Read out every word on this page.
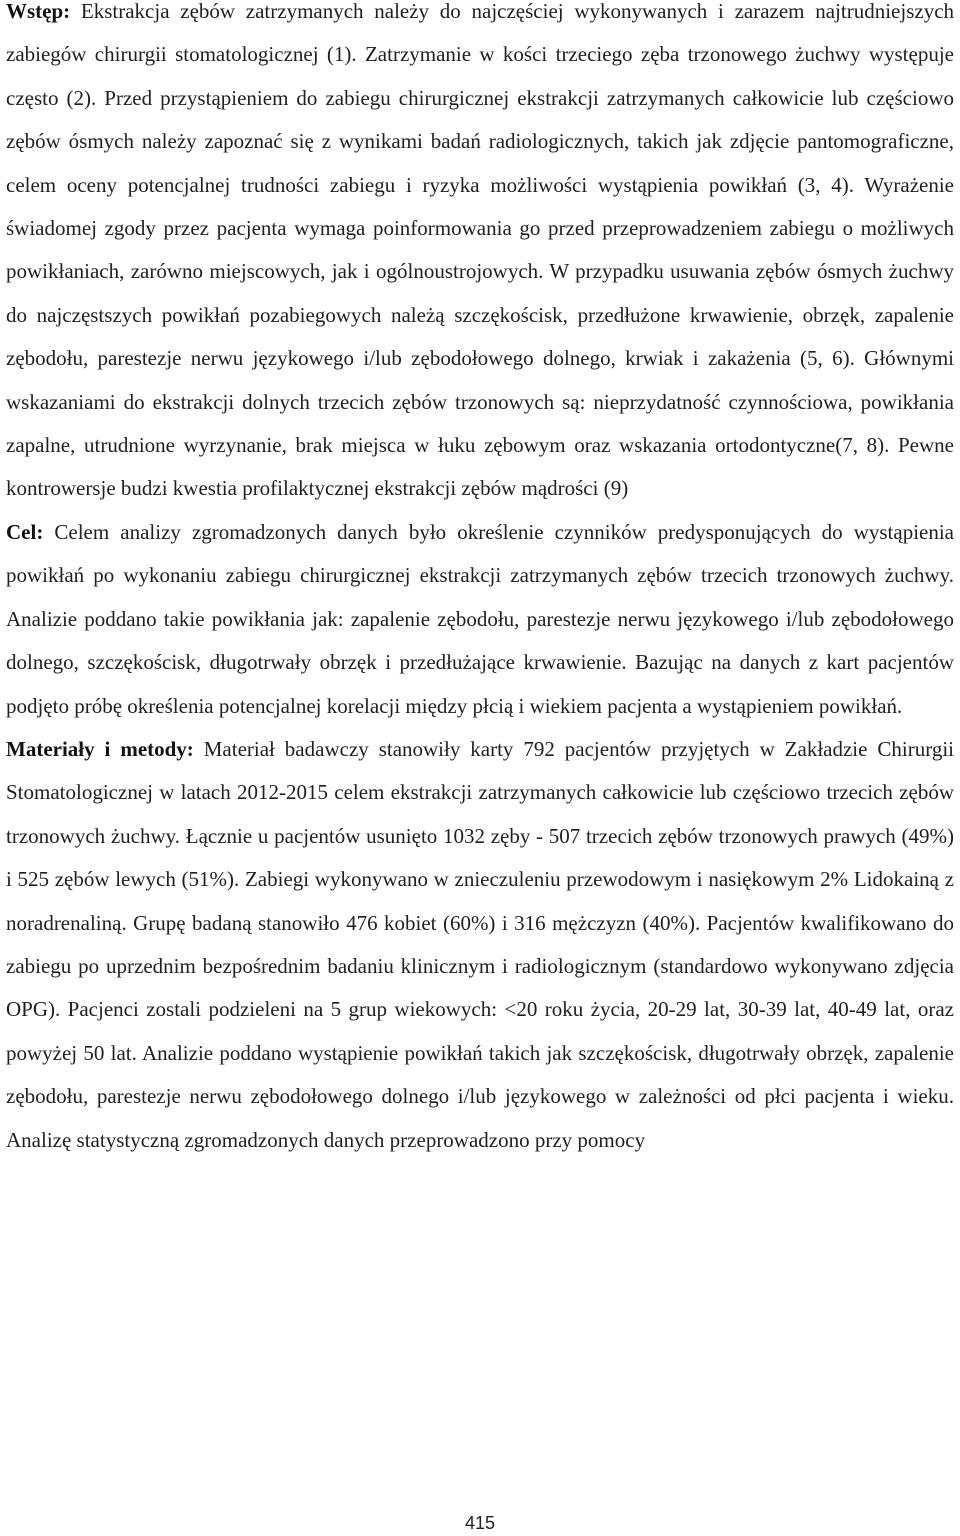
Wstęp: Ekstrakcja zębów zatrzymanych należy do najczęściej wykonywanych i zarazem najtrudniejszych zabiegów chirurgii stomatologicznej (1). Zatrzymanie w kości trzeciego zęba trzonowego żuchwy występuje często (2). Przed przystąpieniem do zabiegu chirurgicznej ekstrakcji zatrzymanych całkowicie lub częściowo zębów ósmych należy zapoznać się z wynikami badań radiologicznych, takich jak zdjęcie pantomograficzne, celem oceny potencjalnej trudności zabiegu i ryzyka możliwości wystąpienia powikłań (3, 4). Wyrażenie świadomej zgody przez pacjenta wymaga poinformowania go przed przeprowadzeniem zabiegu o możliwych powikłaniach, zarówno miejscowych, jak i ogólnoustrojowych. W przypadku usuwania zębów ósmych żuchwy do najczęstszych powikłań pozabiegowych należą szczękościsk, przedłużone krwawienie, obrzęk, zapalenie zębodołu, parestezje nerwu językowego i/lub zębodołowego dolnego, krwiak i zakażenia (5, 6). Głównymi wskazaniami do ekstrakcji dolnych trzecich zębów trzonowych są: nieprzydatność czynnościowa, powikłania zapalne, utrudnione wyrzynanie, brak miejsca w łuku zębowym oraz wskazania ortodontyczne(7, 8). Pewne kontrowersje budzi kwestia profilaktycznej ekstrakcji zębów mądrości (9)

Cel: Celem analizy zgromadzonych danych było określenie czynników predysponujących do wystąpienia powikłań po wykonaniu zabiegu chirurgicznej ekstrakcji zatrzymanych zębów trzecich trzonowych żuchwy. Analizie poddano takie powikłania jak: zapalenie zębodołu, parestezje nerwu językowego i/lub zębodołowego dolnego, szczękościsk, długotrwały obrzęk i przedłużające krwawienie. Bazując na danych z kart pacjentów podjęto próbę określenia potencjalnej korelacji między płcią i wiekiem pacjenta a wystąpieniem powikłań.

Materiały i metody: Materiał badawczy stanowiły karty 792 pacjentów przyjętych w Zakładzie Chirurgii Stomatologicznej w latach 2012-2015 celem ekstrakcji zatrzymanych całkowicie lub częściowo trzecich zębów trzonowych żuchwy. Łącznie u pacjentów usunięto 1032 zęby - 507 trzecich zębów trzonowych prawych (49%) i 525 zębów lewych (51%). Zabiegi wykonywano w znieczuleniu przewodowym i nasiękowym 2% Lidokainą z noradrenaliną. Grupę badaną stanowiło 476 kobiet (60%) i 316 mężczyzn (40%). Pacjentów kwalifikowano do zabiegu po uprzednim bezpośrednim badaniu klinicznym i radiologicznym (standardowo wykonywano zdjęcia OPG). Pacjenci zostali podzieleni na 5 grup wiekowych: <20 roku życia, 20-29 lat, 30-39 lat, 40-49 lat, oraz powyżej 50 lat. Analizie poddano wystąpienie powikłań takich jak szczękościsk, długotrwały obrzęk, zapalenie zębodołu, parestezje nerwu zębodołowego dolnego i/lub językowego w zależności od płci pacjenta i wieku. Analizę statystyczną zgromadzonych danych przeprowadzono przy pomocy

415
